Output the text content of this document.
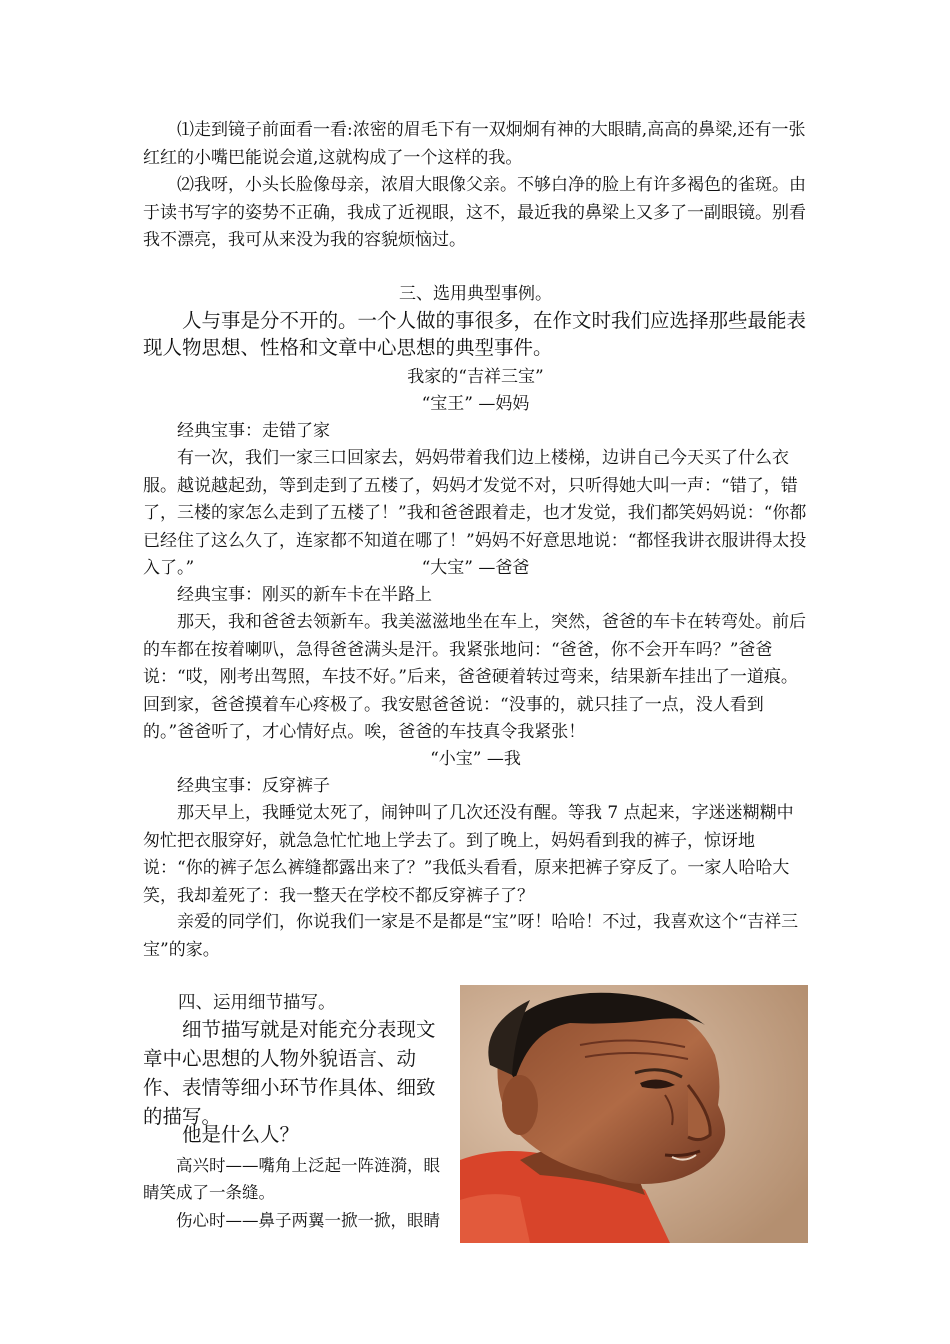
⑴走到镜子前面看一看:浓密的眉毛下有一双炯炯有神的大眼睛,高高的鼻梁,还有一张红红的小嘴巴能说会道,这就构成了一个这样的我。

⑵我呀，小头长脸像母亲，浓眉大眼像父亲。不够白净的脸上有许多褐色的雀斑。由于读书写字的姿势不正确，我成了近视眼，这不，最近我的鼻梁上又多了一副眼镜。别看我不漂亮，我可从来没为我的容貌烦恼过。

三、选用典型事例。

人与事是分不开的。一个人做的事很多，在作文时我们应选择那些最能表现人物思想、性格和文章中心思想的典型事件。

我家的“吉祥三宝”

“宝王” —妈妈

经典宝事：走错了家

有一次，我们一家三口回家去，妈妈带着我们边上楼梯，边讲自己今天买了什么衣服。越说越起劲，等到走到了五楼了，妈妈才发觉不对，只听得她大叫一声：“错了，错了，三楼的家怎么走到了五楼了！”我和爸爸跟着走，也才发觉，我们都笑妈妈说：“你都已经住了这么久了，连家都不知道在哪了！”妈妈不好意思地说：“都怪我讲衣服讲得太投入了。”	“大宝” —爸爸

经典宝事：刚买的新车卡在半路上

那天，我和爸爸去领新车。我美滋滋地坐在车上，突然，爸爸的车卡在转弯处。前后的车都在按着喇叭，急得爸爸满头是汗。我紧张地问：“爸爸，你不会开车吗？”爸爸说：“哎，刚考出驾照，车技不好。”后来，爸爸硬着转过弯来，结果新车挂出了一道痕。回到家，爸爸摸着车心疼极了。我安慰爸爸说：“没事的，就只挂了一点，没人看到的。”爸爸听了，才心情好点。唉，爸爸的车技真令我紧张！

“小宝” —我

经典宝事：反穿裤子

那天早上，我睡觉太死了，闹钟叫了几次还没有醒。等我 7 点起来，字迷迷糊糊中匆忙把衣服穿好，就急急忙忙地上学去了。到了晚上，妈妈看到我的裤子，惊讶地说：“你的裤子怎么裤缝都露出来了？”我低头看看，原来把裤子穿反了。一家人哈哈大笑，我却羞死了：我一整天在学校不都反穿裤子了？

亲爱的同学们，你说我们一家是不是都是“宝”呀！哈哈！不过，我喜欢这个“吉祥三宝”的家。

四、运用细节描写。

细节描写就是对能充分表现文章中心思想的人物外貌语言、动作、表情等细小环节作具体、细致的描写。

他是什么人？

高兴时——嘴角上泛起一阵涟漪，眼睛笑成了一条缝。

伤心时——鼻子两翼一掀一掀，眼睛
